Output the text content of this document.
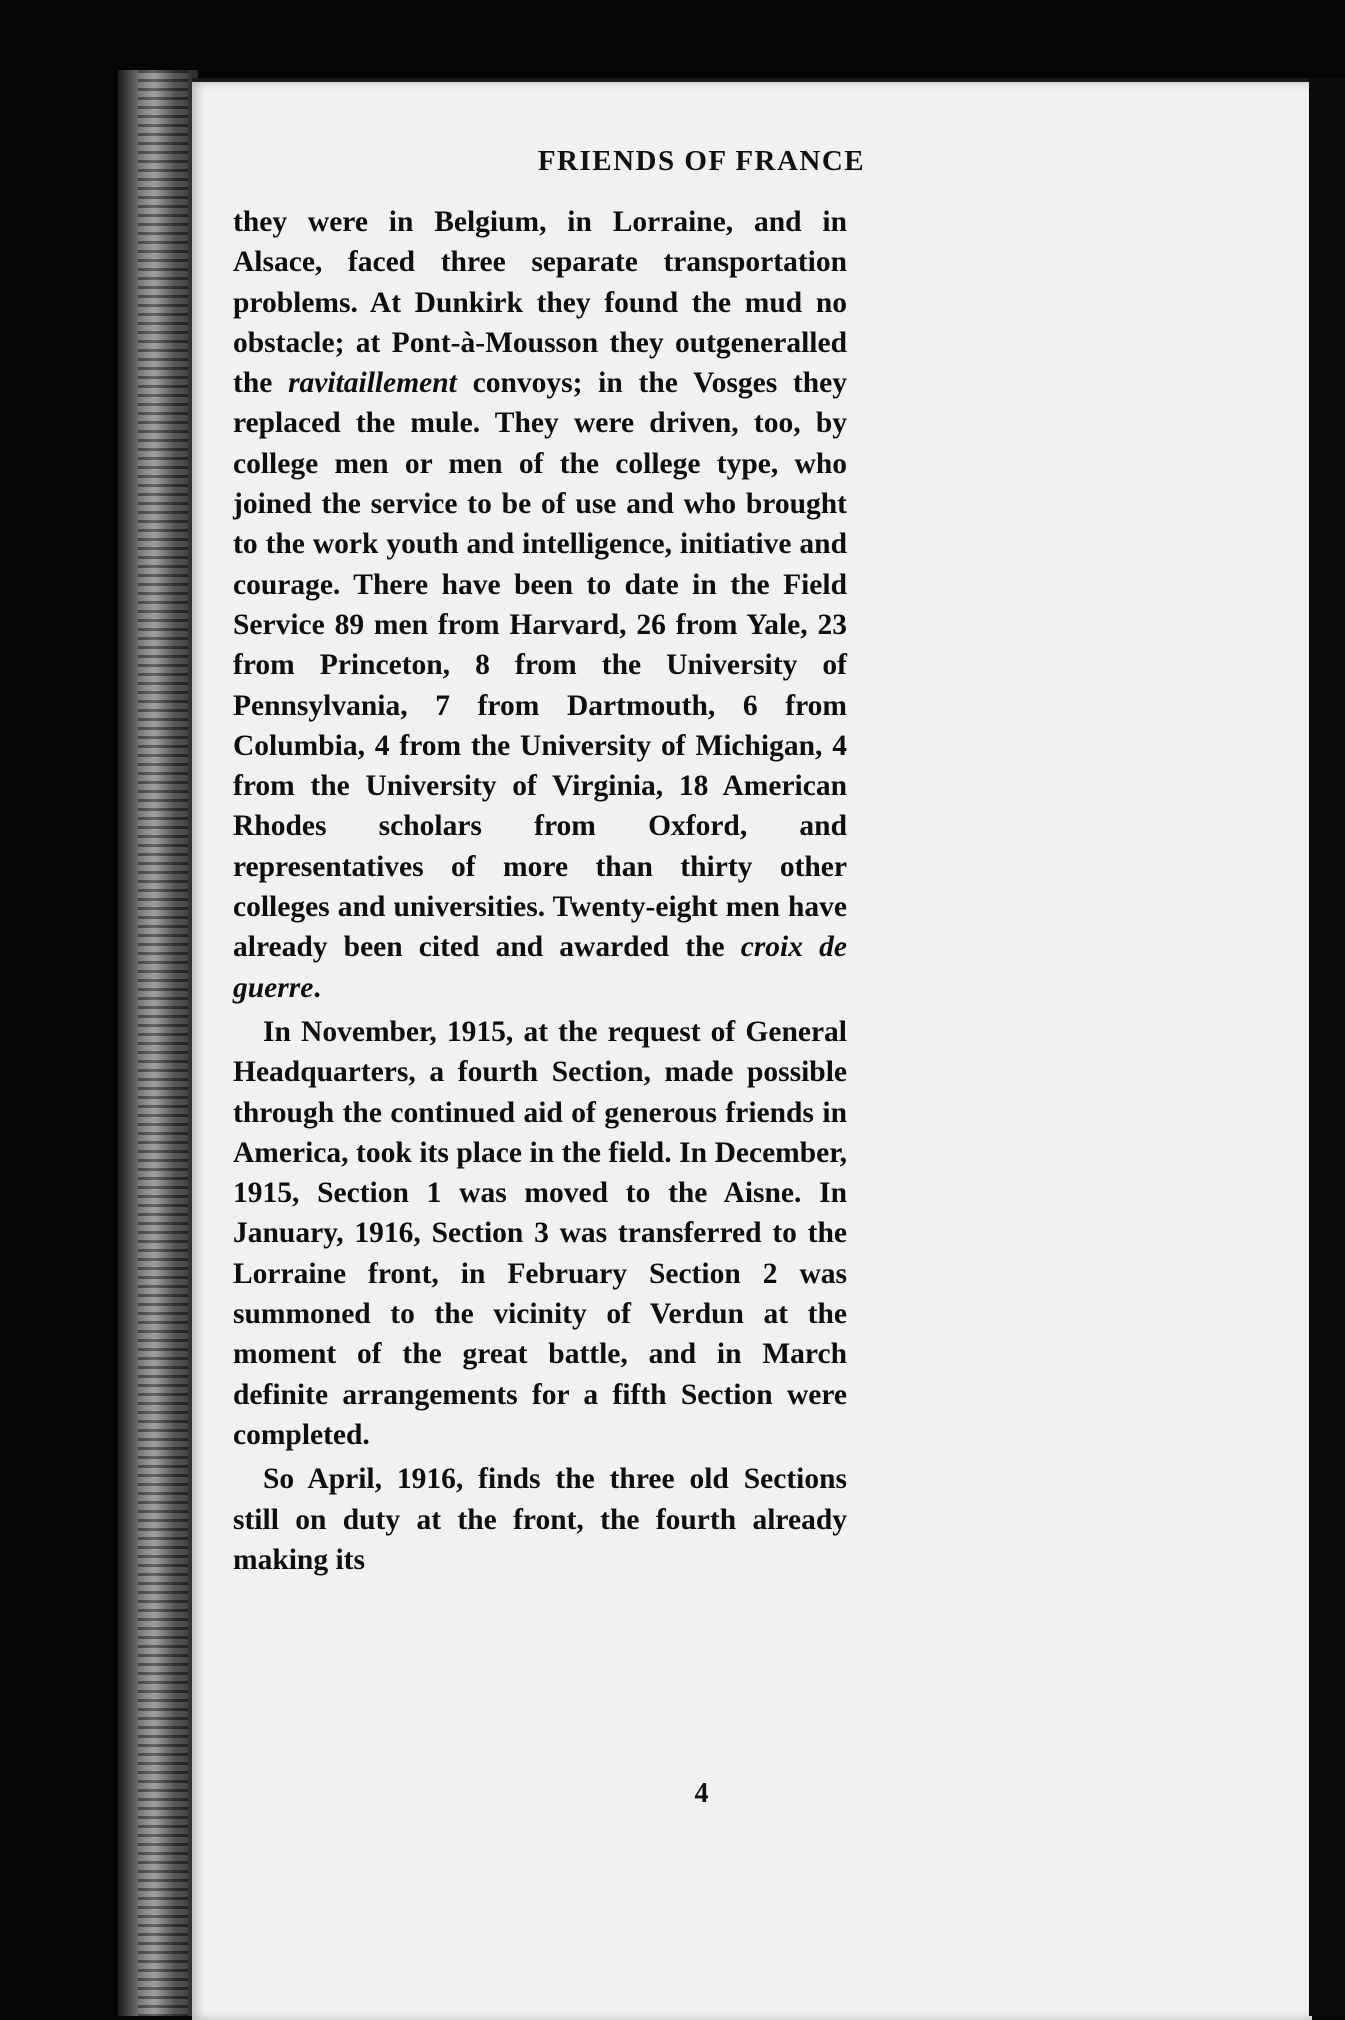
FRIENDS OF FRANCE

they were in Belgium, in Lorraine, and in Alsace, faced three separate transportation problems. At Dunkirk they found the mud no obstacle; at Pont-à-Mousson they outgeneralled the ravitaillement convoys; in the Vosges they replaced the mule. They were driven, too, by college men or men of the college type, who joined the service to be of use and who brought to the work youth and intelligence, initiative and courage. There have been to date in the Field Service 89 men from Harvard, 26 from Yale, 23 from Princeton, 8 from the University of Pennsylvania, 7 from Dartmouth, 6 from Columbia, 4 from the University of Michigan, 4 from the University of Virginia, 18 American Rhodes scholars from Oxford, and representatives of more than thirty other colleges and universities. Twenty-eight men have already been cited and awarded the croix de guerre.

In November, 1915, at the request of General Headquarters, a fourth Section, made possible through the continued aid of generous friends in America, took its place in the field. In December, 1915, Section 1 was moved to the Aisne. In January, 1916, Section 3 was transferred to the Lorraine front, in February Section 2 was summoned to the vicinity of Verdun at the moment of the great battle, and in March definite arrangements for a fifth Section were completed.

So April, 1916, finds the three old Sections still on duty at the front, the fourth already making its

4
